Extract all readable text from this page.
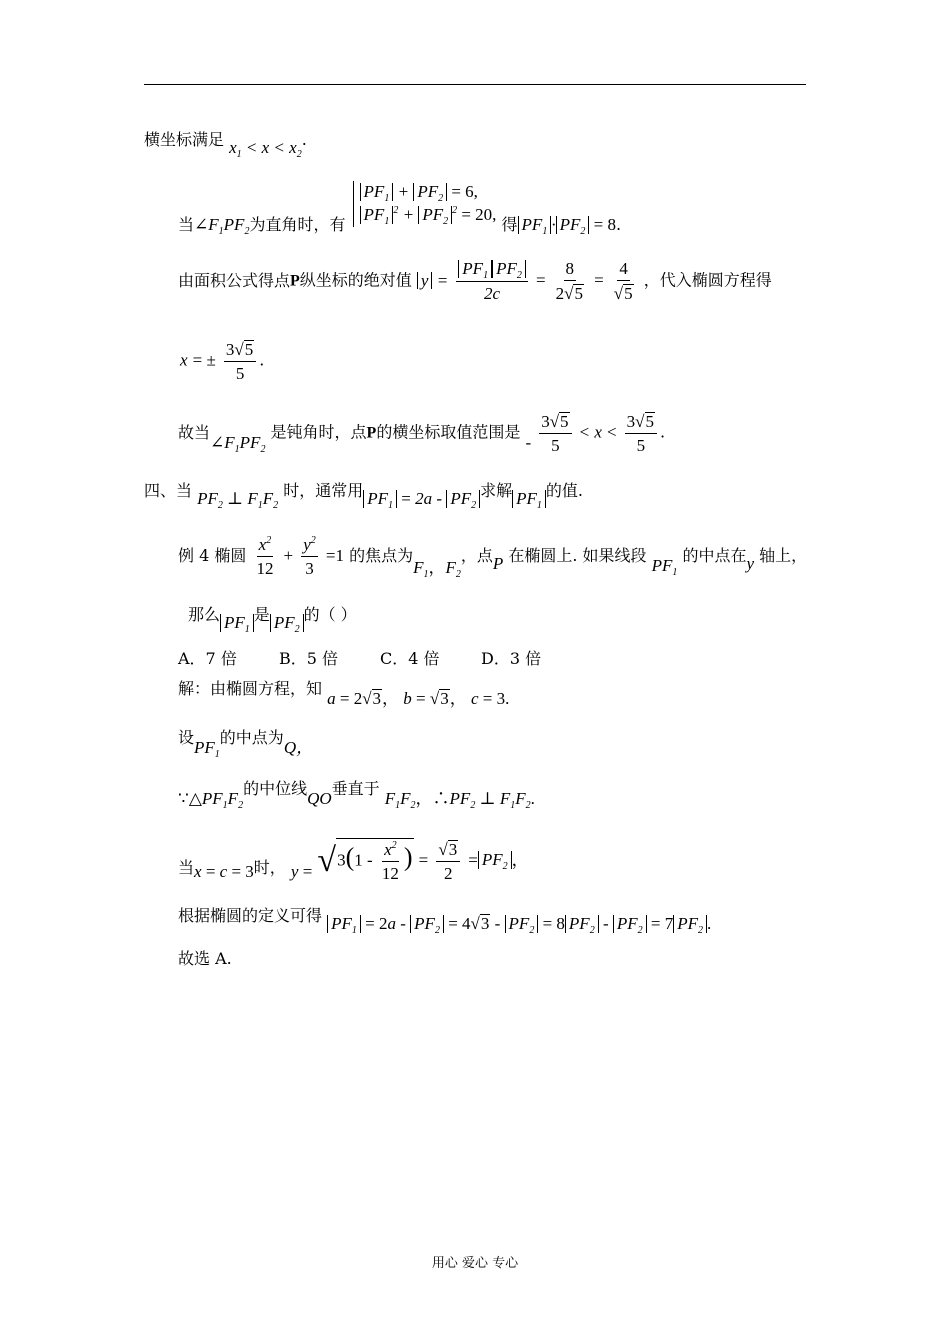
横坐标满足 $x_1 < x < x_2$.
当$\angle F_1PF_2$为直角时，有
$PF_1 + PF_2 = 6$,
$PF_1^2 + PF_2^2 = 20$,
得 $PF_1 \cdot PF_2 = 8$.
由面积公式得点P纵坐标的绝对值 $y = \frac{PF_1 PF_2}{2c} = \frac{8}{2√5} = \frac{4}{√5}$ ，代入椭圆方程得
x = ± $\frac{3√5}{5}$ .
故当$\angle F_1PF_2$ 是钝角时，点P的横坐标取值范围是 - $\frac{3√5}{5} < x < \frac{3√5}{5}$ .
四、当 $PF_2$ ⊥ $F_1F_2$ 时，通常用 $PF_1 = 2a - PF_2$求解 $PF_1$的值.
例 4 椭圆 $\frac{x^2}{12} + \frac{y^2}{3} =1$ 的焦点为$F_1$，$F_2$，点P 在椭圆上. 如果线段 $PF_1$ 的中点在y 轴上，
那么 $PF_1$是 $PF_2$的（ ）
A．7 倍	B．5 倍	C．4 倍	D．3 倍
解：由椭圆方程，知 a = 2√3， b = √3， c = 3.
设$PF_1$的中点为Q，
$\because\triangle PF_1F_2$的中位线QO垂直于 $F_1F_2$，$\therefore PF_2$ ⊥ $F_1F_2$.
当x = c = 3时， $y = √3(1 - \frac{x^2}{12}$ ) = $\frac{√3}{2} = PF_2$ ，
根据椭圆的定义可得 $PF_1 = 2a - PF_2 = 4√3 - PF_2 = 8$ $PF_2 - PF_2 = 7$ $PF_2$ .
故选 A.
用心 爱心 专心
